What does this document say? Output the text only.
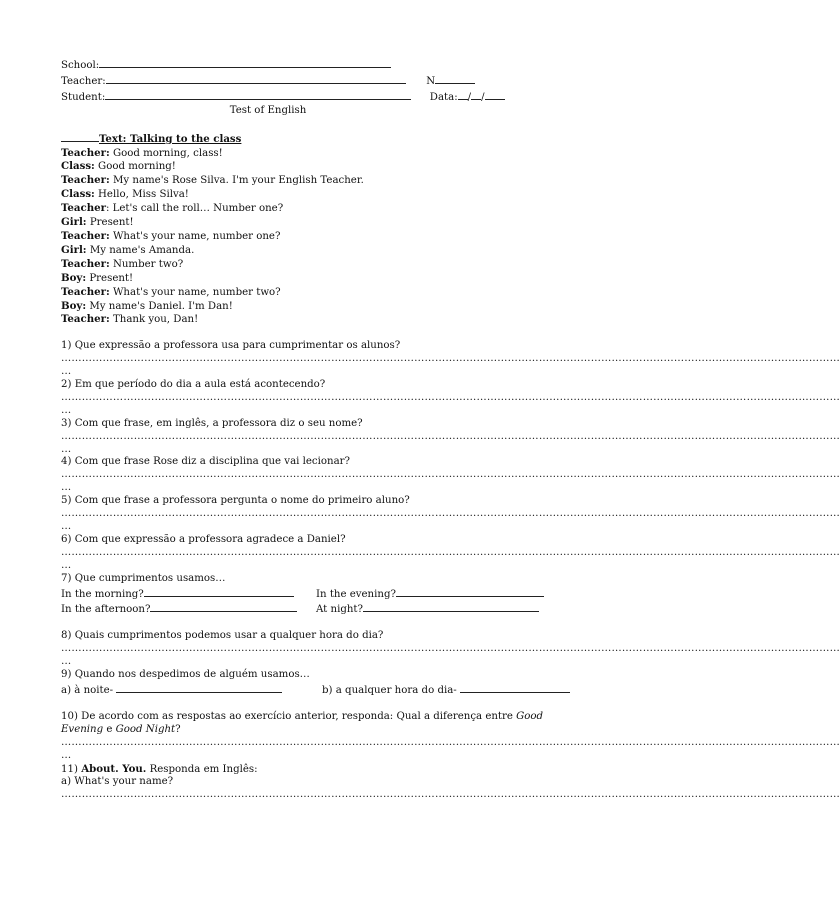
School:
Teacher:	N
Student:	Data: / /
Test of English
Text: Talking to the class
Teacher: Good morning, class!
Class: Good morning!
Teacher: My name's Rose Silva. I'm your English Teacher.
Class: Hello, Miss Silva!
Teacher: Let's call the roll… Number one?
Girl: Present!
Teacher: What's your name, number one?
Girl: My name's Amanda.
Teacher: Number two?
Boy: Present!
Teacher: What's your name, number two?
Boy: My name's Daniel. I'm Dan!
Teacher: Thank you, Dan!
1) Que expressão a professora usa para cumprimentar os alunos?
………………………………………………………………………………………………………………………………………………………………………………………………………
…
2) Em que período do dia a aula está acontecendo?
………………………………………………………………………………………………………………………………………………………………………………………………………
…
3) Com que frase, em inglês, a professora diz o seu nome?
………………………………………………………………………………………………………………………………………………………………………………………………………
…
4) Com que frase Rose diz a disciplina que vai lecionar?
………………………………………………………………………………………………………………………………………………………………………………………………………
…
5) Com que frase a professora pergunta o nome do primeiro aluno?
………………………………………………………………………………………………………………………………………………………………………………………………………
…
6) Com que expressão a professora agradece a Daniel?
………………………………………………………………………………………………………………………………………………………………………………………………………
…
7) Que cumprimentos usamos…
In the morning?	In the evening?
In the afternoon?	At night?
8) Quais cumprimentos podemos usar a qualquer hora do dia?
………………………………………………………………………………………………………………………………………………………………………………………………………
…
9) Quando nos despedimos de alguém usamos…
a) à noite-	b) a qualquer hora do dia-
10) De acordo com as respostas ao exercício anterior, responda: Qual a diferença entre Good
Evening e Good Night?
………………………………………………………………………………………………………………………………………………………………………………………………………
…
11) About. You. Responda em Inglês:
a) What's your name?
………………………………………………………………………………………………………………………………………………………………………………………………………
